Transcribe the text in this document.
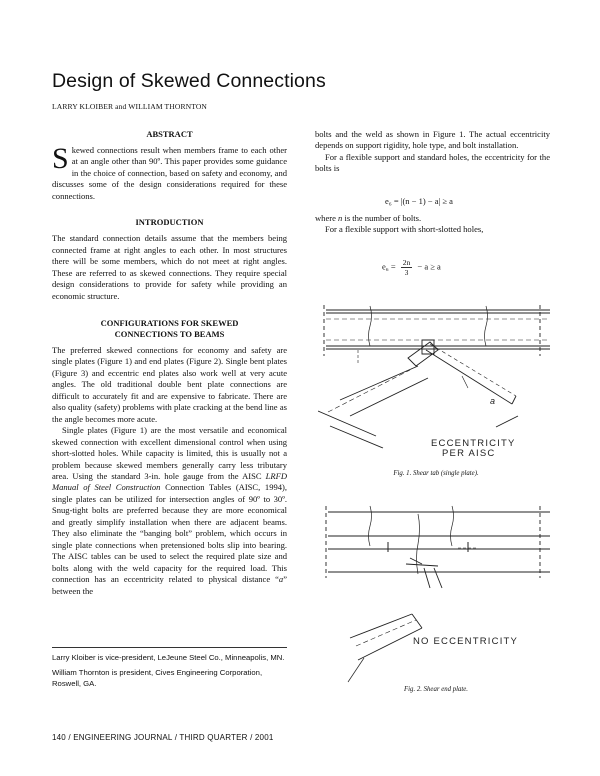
Design of Skewed Connections
LARRY KLOIBER and WILLIAM THORNTON
ABSTRACT

Skewed connections result when members frame to each other at an angle other than 90º. This paper provides some guidance in the choice of connection, based on safety and economy, and discusses some of the design considerations required for these connections.

INTRODUCTION

The standard connection details assume that the members being connected frame at right angles to each other. In most structures there will be some members, which do not meet at right angles. These are referred to as skewed connections. They require special design considerations to provide for safety while providing an economic structure.

CONFIGURATIONS FOR SKEWED
CONNECTIONS TO BEAMS

The preferred skewed connections for economy and safety are single plates (Figure 1) and end plates (Figure 2). Single bent plates (Figure 3) and eccentric end plates also work well at very acute angles. The old traditional double bent plate connections are difficult to accurately fit and are expensive to fabricate. There are also quality (safety) problems with plate cracking at the bend line as the angle becomes more acute.

Single plates (Figure 1) are the most versatile and economical skewed connection with excellent dimensional control when using short-slotted holes. While capacity is limited, this is usually not a problem because skewed members generally carry less tributary area. Using the standard 3-in. hole gauge from the AISC LRFD Manual of Steel Construction Connection Tables (AISC, 1994), single plates can be utilized for intersection angles of 90º to 30º. Snug-tight bolts are preferred because they are more economical and greatly simplify installation when there are adjacent beams. They also eliminate the “banging bolt” problem, which occurs in single plate connections when pretensioned bolts slip into bearing. The AISC tables can be used to select the required plate size and bolts along with the weld capacity for the required load. This connection has an eccentricity related to physical distance “a” between the

Larry Kloiber is vice-president, LeJeune Steel Co., Minneapolis, MN.
William Thornton is president, Cives Engineering Corporation, Roswell, GA.

bolts and the weld as shown in Figure 1. The actual eccentricity depends on support rigidity, hole type, and bolt installation.

For a flexible support and standard holes, the eccentricity for the bolts is

e₆ = |(n − 1) − a| ≥ a

where n is the number of bolts.

For a flexible support with short-slotted holes,

$e_6 = \frac{2n}{3} - a \ge a$
a
ECCENTRICITY
PER AISC
Fig. 1. Shear tab (single plate).
NO ECCENTRICITY
Fig. 2. Shear end plate.
140 / ENGINEERING JOURNAL / THIRD QUARTER / 2001
